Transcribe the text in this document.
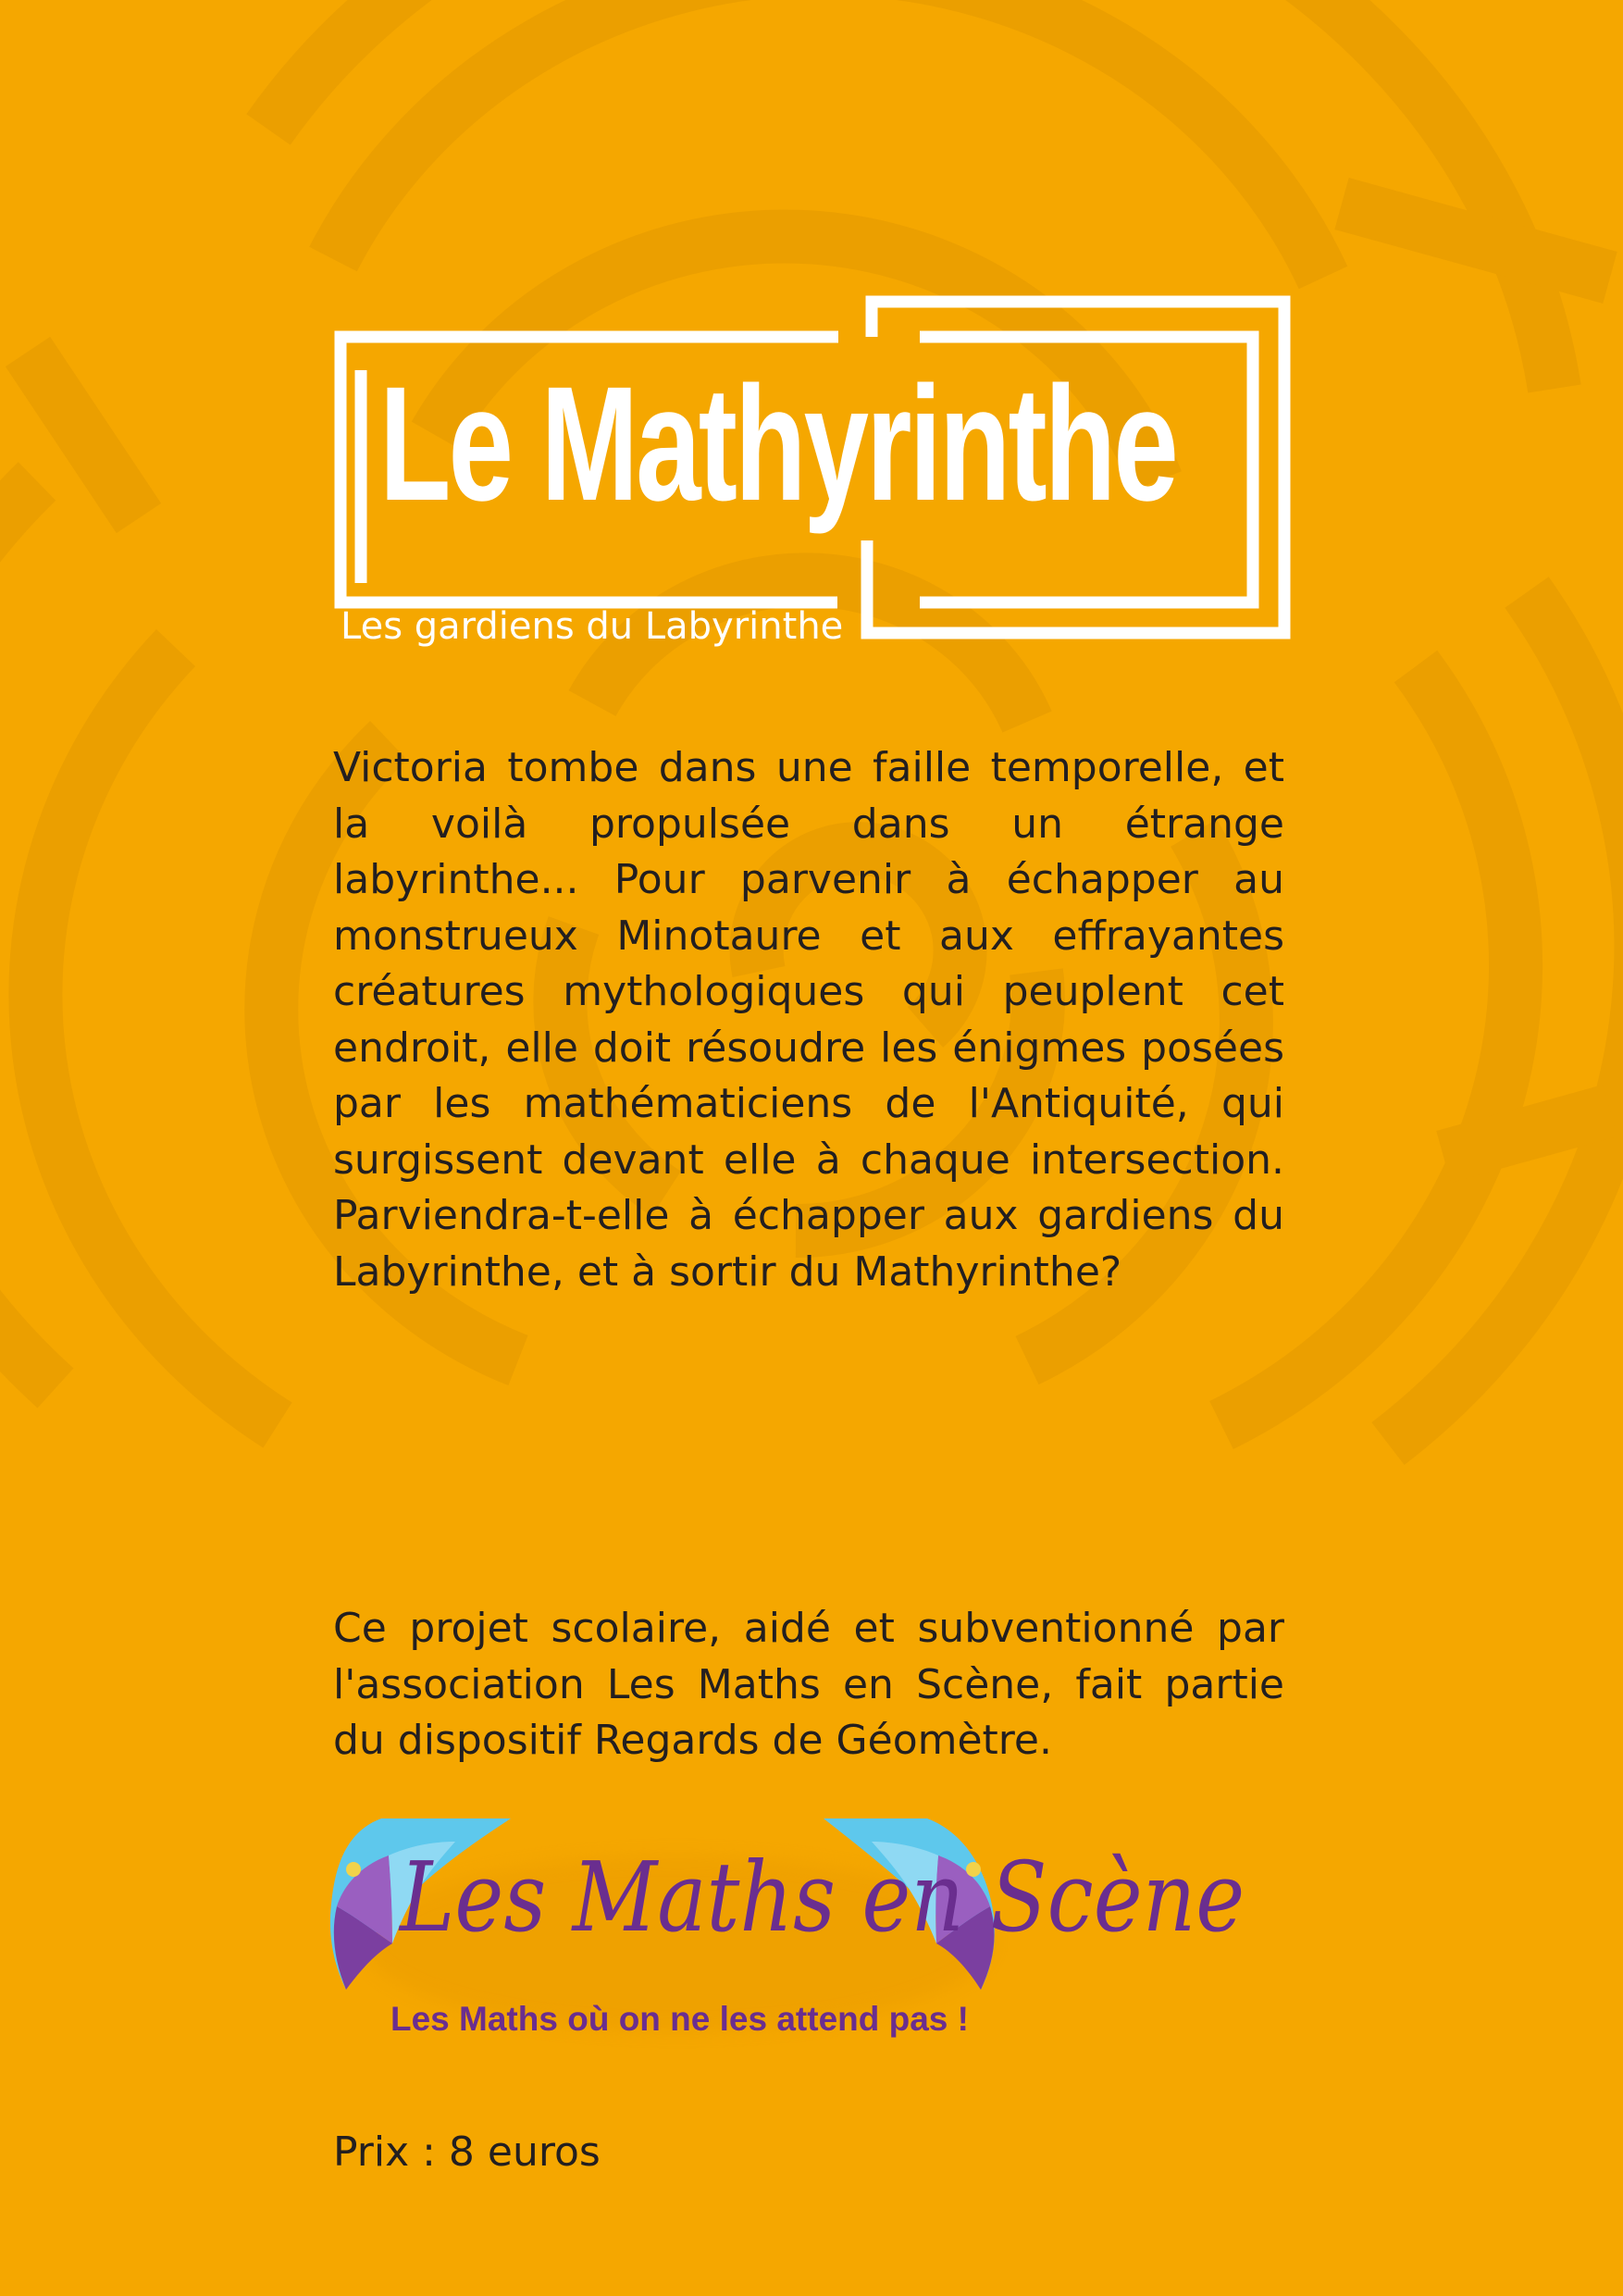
Le Mathyrinthe
Les gardiens du Labyrinthe

Victoria tombe dans une faille temporelle, et la voilà propulsée dans un étrange labyrinthe... Pour parvenir à échapper au monstrueux Minotaure et aux effrayantes créatures mythologiques qui peuplent cet endroit, elle doit résoudre les énigmes posées par les mathématiciens de l'Antiquité, qui surgissent devant elle à chaque intersection. Parviendra-t-elle à échapper aux gardiens du Labyrinthe, et à sortir du Mathyrinthe?

Ce projet scolaire, aidé et subventionné par l'association Les Maths en Scène, fait partie du dispositif Regards de Géomètre.

Les Maths en Scène
Les Maths où on ne les attend pas !
Prix : 8 euros
